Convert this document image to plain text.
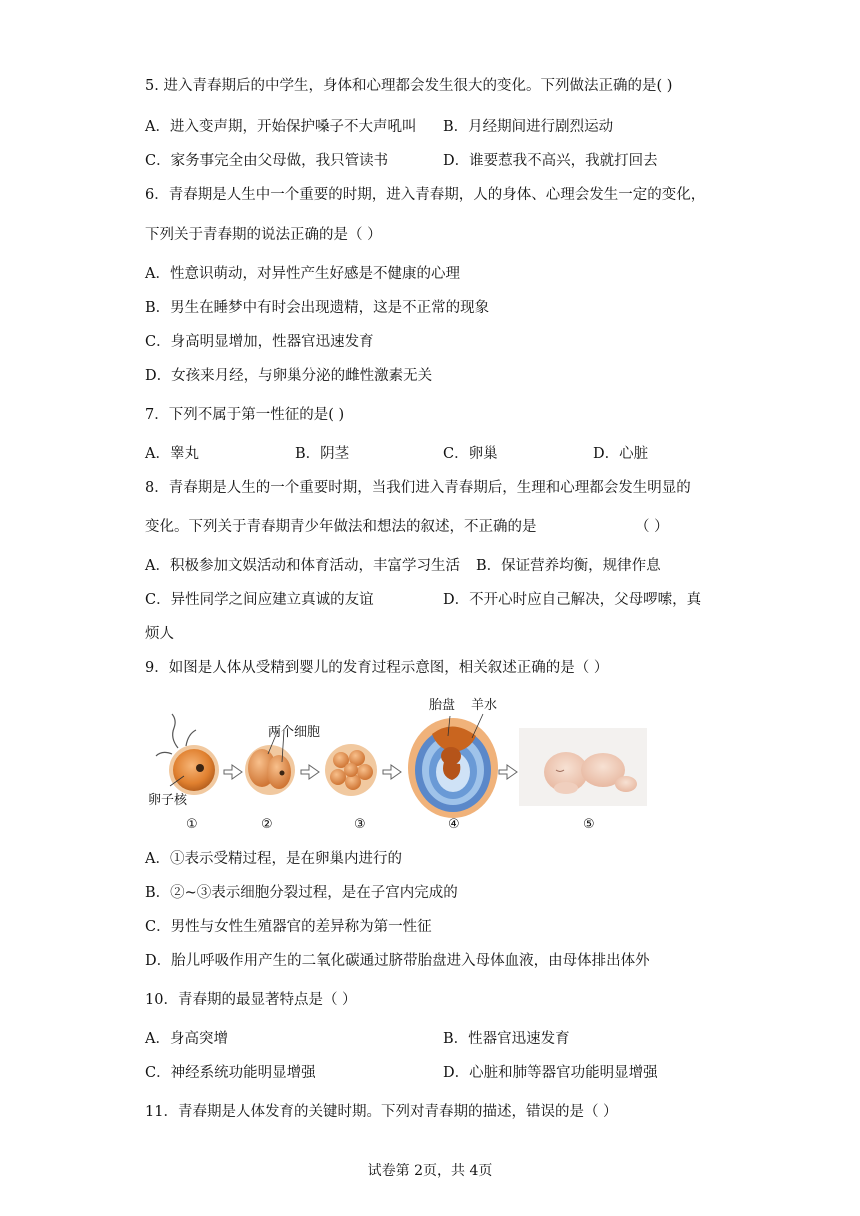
5. 进入青春期后的中学生，身体和心理都会发生很大的变化。下列做法正确的是( )
A．进入变声期，开始保护嗓子不大声吼叫 B．月经期间进行剧烈运动
C．家务事完全由父母做，我只管读书	D．谁要惹我不高兴，我就打回去
6．青春期是人生中一个重要的时期，进入青春期，人的身体、心理会发生一定的变化，
下列关于青春期的说法正确的是（ ）
A．性意识萌动，对异性产生好感是不健康的心理
B．男生在睡梦中有时会出现遗精，这是不正常的现象
C．身高明显增加，性器官迅速发育
D．女孩来月经，与卵巢分泌的雌性激素无关
7．下列不属于第一性征的是( )
A．睾丸	B．阴茎	C．卵巢	D．心脏
8．青春期是人生的一个重要时期，当我们进入青春期后，生理和心理都会发生明显的
变化。下列关于青春期青少年做法和想法的叙述，不正确的是	（ ）
A．积极参加文娱活动和体育活动，丰富学习生活 B．保证营养均衡，规律作息
C．异性同学之间应建立真诚的友谊	D．不开心时应自己解决，父母啰嗦，真
烦人
9．如图是人体从受精到婴儿的发育过程示意图，相关叙述正确的是（ ）
卵子核
两个细胞
胎盘 羊水
①	②	③	④	⑤
A．①表示受精过程，是在卵巢内进行的
B．②~③表示细胞分裂过程，是在子宫内完成的
C．男性与女性生殖器官的差异称为第一性征
D．胎儿呼吸作用产生的二氧化碳通过脐带胎盘进入母体血液，由母体排出体外
10．青春期的最显著特点是（ ）
A．身高突增	B．性器官迅速发育
C．神经系统功能明显增强	D．心脏和肺等器官功能明显增强
11．青春期是人体发育的关键时期。下列对青春期的描述，错误的是（ ）
试卷第 2页，共 4页
